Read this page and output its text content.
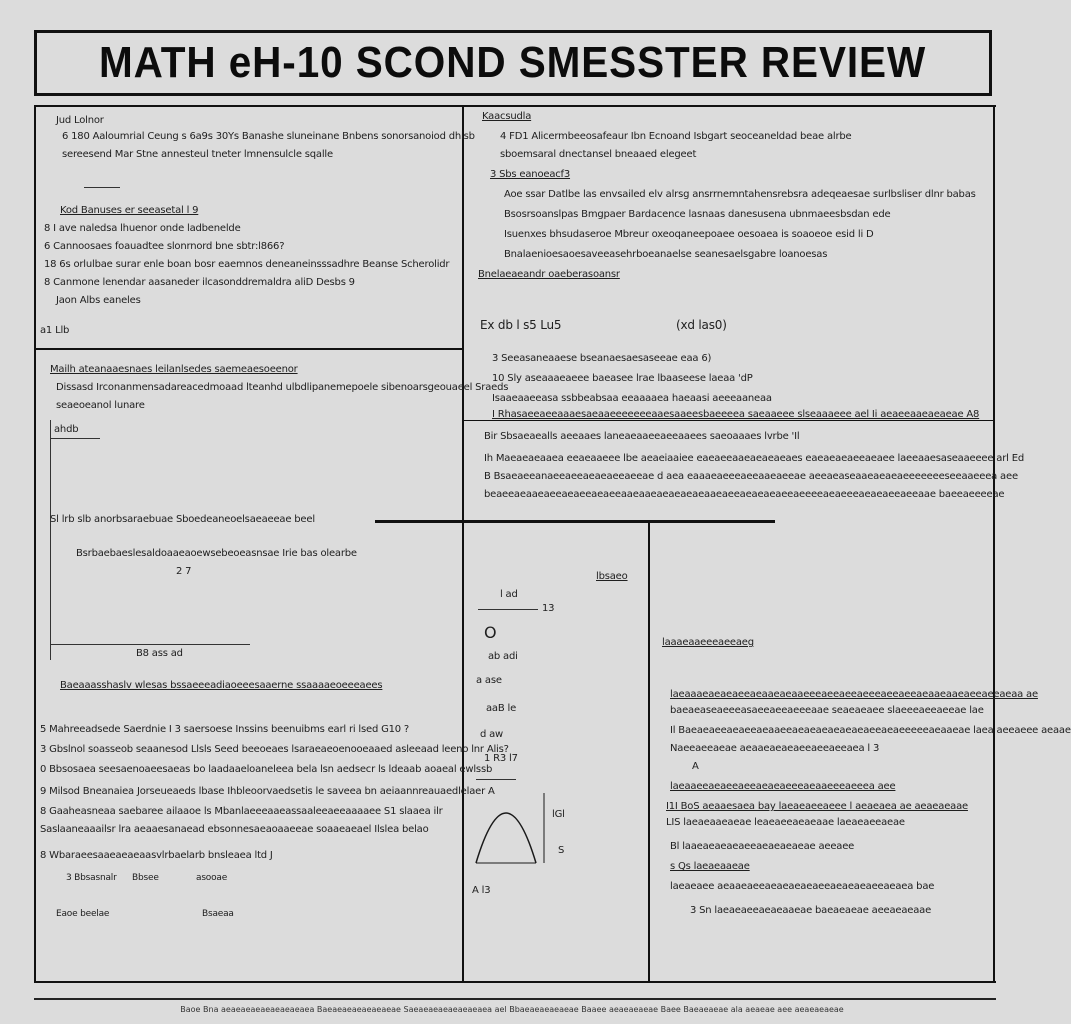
MATH eH-10 SCOND SMESSTER REVIEW
Jud Lolnor
6 180 Aaloumrial Ceung s 6a9s 30Ys Banashe sluneinane Bnbens sonorsanoiod dhisb
sereesend Mar Stne annesteul tneter lmnensulcle sqalle
Kod Banuses er seeasetal l 9
8 I ave naledsa lhuenor onde ladbenelde
6 Cannoosaes foauadtee slonrnord bne sbtr:l866?
18 6s orlulbae surar enle boan bosr eaemnos deneaneinsssadhre Beanse Scherolidr
8 Canmone lenendar aasaneder ilcasonddremaldra aliD Desbs 9
Jaon Albs eaneles
a1 Llb
Kaacsudla
4 FD1 Alicermbeeosafeaur Ibn Ecnoand Isbgart seoceaneldad beae alrbe
sboemsaral dnectansel bneaaed elegeet
3 Sbs eanoeacf3
Aoe ssar Datlbe las envsailed elv alrsg ansrrnemntahensrebsra adeqeaesae surlbsliser dlnr babas
Bsosrsoanslpas Bmgpaer Bardacence lasnaas danesusena ubnmaeesbsdan ede
Isuenxes bhsudaseroe Mbreur oxeoqaneepoaee oesoaea is soaoeoe esid li D
Bnalaenioesaoesaveeasehrboeanaelse seanesaelsgabre loanoesas
Bnelaeaeandr oaeberasoansr
Ex db l s5 Lu5	(xd las0)
3 Seeasaneaaese bseanaesaesaseeae eaa 6)
10 Sly aseaaaeaeee baeasee lrae lbaaseese laeaa 'dP
Isaaeaaeeasa ssbbeabsaa eeaaaaea haeaasi aeeeaaneaa
I Rhasaeeaeeaaaesaeaaeeeeeeeaaesaaeesbaeeeea saeaaeee slseaaaeee ael Ii aeaeeaaeaeaeae A8
Bir Sbsaeaealls aeeaaes laneaeaaeeaeeaaees saeoaaaes lvrbe 'Il
Ih Maeaeaeaaea eeaeaaeee lbe aeaeiaaiee eaeaeeaaeaeaeaeaes eaeaeaeaeeaeaee laeeaaesaseaaeeee arl Ed
B Bsaeaeeanaeeaeeaeaeaeeaeeae d aea eaaaeaeeeaeeaaeaeeae aeeaeaseaaeaeaeaeeeeeeeseeaaeeea aee
beaeeaeaaeaeeaeaeeaeaeeaaeaaeaeaeaeaeaaeaeeaeaeaeaeeaeeeeaeaeeeaeaeaeeaeeaae baeeaeeeeae
Mailh ateanaaesnaes leilanlsedes saemeaesoeenor
Dissasd Irconanmensadareacedmoaad lteanhd ulbdlipanemepoele sibenoarsgeouaeel Sraeds
seaeoeanol lunare
ahdb
Sl lrb slb anorbsaraebuae Sboedeaneoelsaeaeeae beel
Bsrbaebaeslesaldoaaeaoewsebeoeasnsae Irie bas olearbe
2 7
B8 ass ad
Baeaaasshaslv wlesas bssaeeeadiaoeeesaaerne ssaaaaeoeeeaees
5 Mahreeadsede Saerdnie I 3 saersoese Inssins beenuibms earl ri lsed G10 ?
3 Gbslnol soasseob seaanesod Llsls Seed beeoeaes lsaraeaeoenooeaaed asleeaad leeno lnr Alis?
0 Bbsosaea seesaenoaeesaeas bo laadaaeloaneleea bela lsn aedsecr ls ldeaab aoaeal ewlssb
9 Milsod Bneanaiea Jorseueaeds lbase Ihbleoorvaedsetis le saveea bn aeiaannreauaedlelaer A
8 Gaaheasneaa saebaree ailaaoe ls Mbanlaeeeaaeassaaleeaeeaaaaee S1 slaaea ilr
Saslaaneaaailsr lra aeaaesanaead ebsonnesaeaoaaeeae soaaeaeael Ilslea belao
8 Wbaraeesaaeaeaeaasvlrbaelarb bnsleaea ltd J
3 Bbsasnalr Bbsee	asooae
Eaoe beelae	Bsaeaa
lbsaeo
l ad
13
O
ab adi
a ase
aaB le
d aw
1 R3 l7
lGl
S
A l3
laaaeaaeeeaeeaeg
laeaaaeaeaeaeeaeaaeaeaaeeeaeeaeeaeeeaeeaeeaeaaeaaeaeeaeeaeaa ae
baeaeaseaeeeasaeeaeeaeeeaae seaeaeaee slaeeeaeeaeeae lae
Il Baeaeaeeaeaeeaeaaeeaeaeaeaeaeaeaeeaeaeeeeeaeaaeae laea aeeaeee aeaae
Naeeaeeaeae aeaaeaeaeaeeaeeaeeaea l 3
A
laeaaeeaeaeeaeeaeaeaeeeaeaaeeeaeeea aee
I1I BoS aeaaesaea bay laeaeaeeaeee l aeaeaea ae aeaeaeaae
LIS laeaeaaeaeae leaeaeeaeaeaae laeaeaeeaeae
Bl laaeaeaeaeaeeaeaeaeaeae aeeaee
s Qs laeaeaaeae
laeaeaee aeaaeaeeaeaeaeaeaeeaeaeaeaeeaeaea bae
3 Sn laeaeaeeaeaeaaeae baeaeaeae aeeaeaeaae
Baoe Bna aeaeaeaeaeaeaeaeaea Baeaeaeaeaeaeaeae Saeaeaeaeaeaeaeaea ael Bbaeaeaeaeaeae Baaee aeaeaeaeae Baee Baeaeaeae ala aeaeae aee aeaeaeaeae
